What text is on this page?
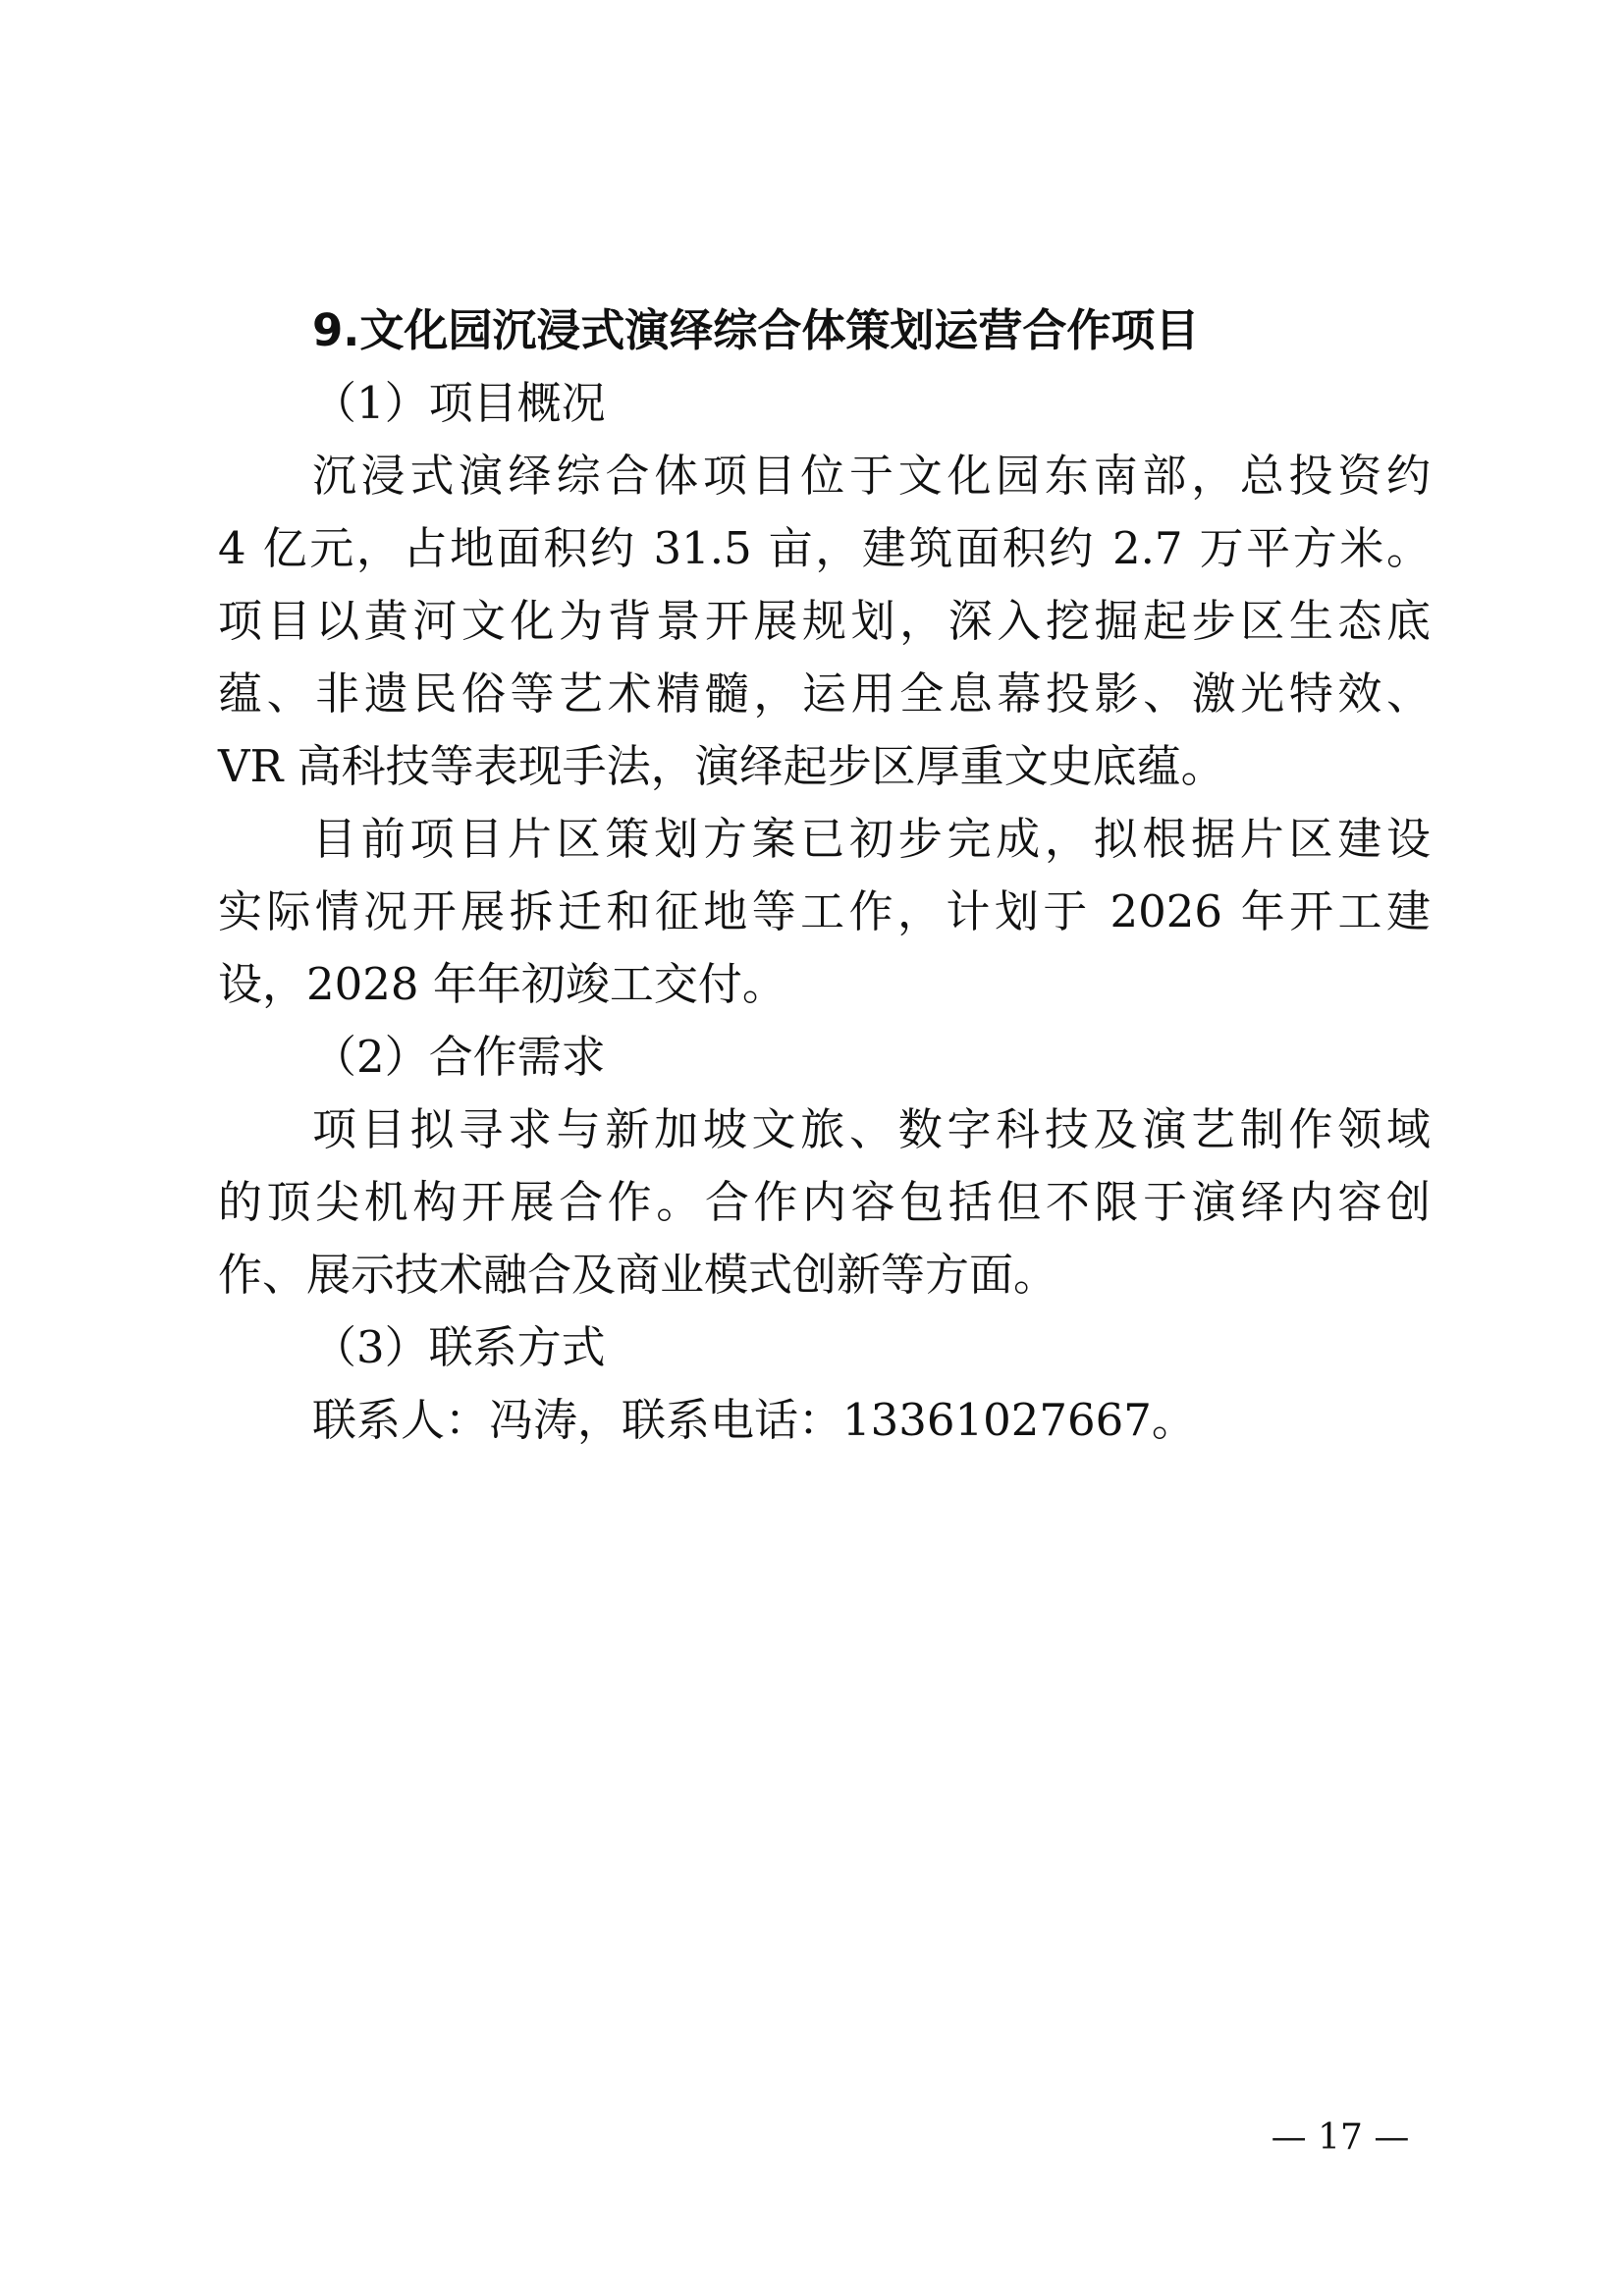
9.文化园沉浸式演绎综合体策划运营合作项目
（1）项目概况
沉浸式演绎综合体项目位于文化园东南部，总投资约
4 亿元，占地面积约 31.5 亩，建筑面积约 2.7 万平方米。
项目以黄河文化为背景开展规划，深入挖掘起步区生态底
蕴、非遗民俗等艺术精髓，运用全息幕投影、激光特效、
VR 高科技等表现手法，演绎起步区厚重文史底蕴。
目前项目片区策划方案已初步完成，拟根据片区建设
实际情况开展拆迁和征地等工作，计划于 2026 年开工建
设，2028 年年初竣工交付。
（2）合作需求
项目拟寻求与新加坡文旅、数字科技及演艺制作领域
的顶尖机构开展合作。合作内容包括但不限于演绎内容创
作、展示技术融合及商业模式创新等方面。
（3）联系方式
联系人：冯涛，联系电话：13361027667。
— 17 —
